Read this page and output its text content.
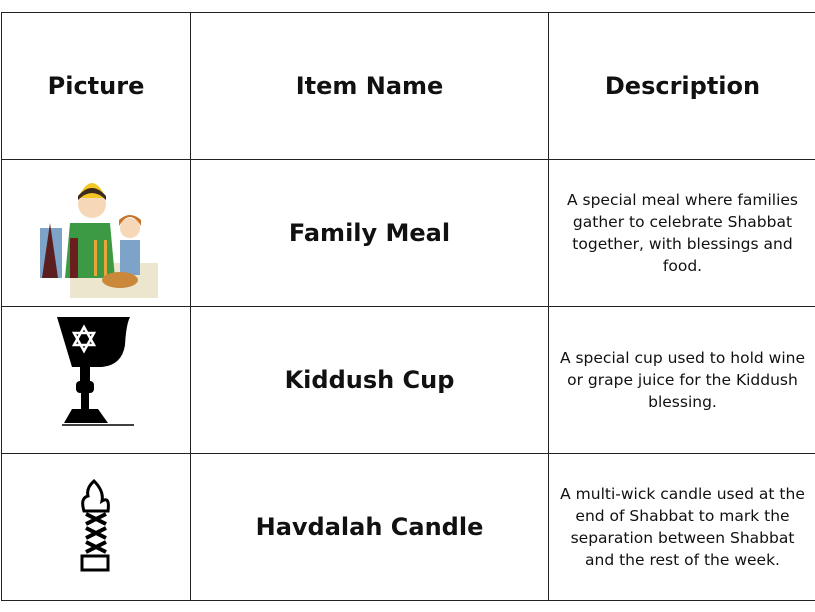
Picture	Item Name	Description

	Family Meal	A special meal where families gather to celebrate Shabbat together, with blessings and food.

	Kiddush Cup	A special cup used to hold wine or grape juice for the Kiddush blessing.

	Havdalah Candle	A multi-wick candle used at the end of Shabbat to mark the separation between Shabbat and the rest of the week.
